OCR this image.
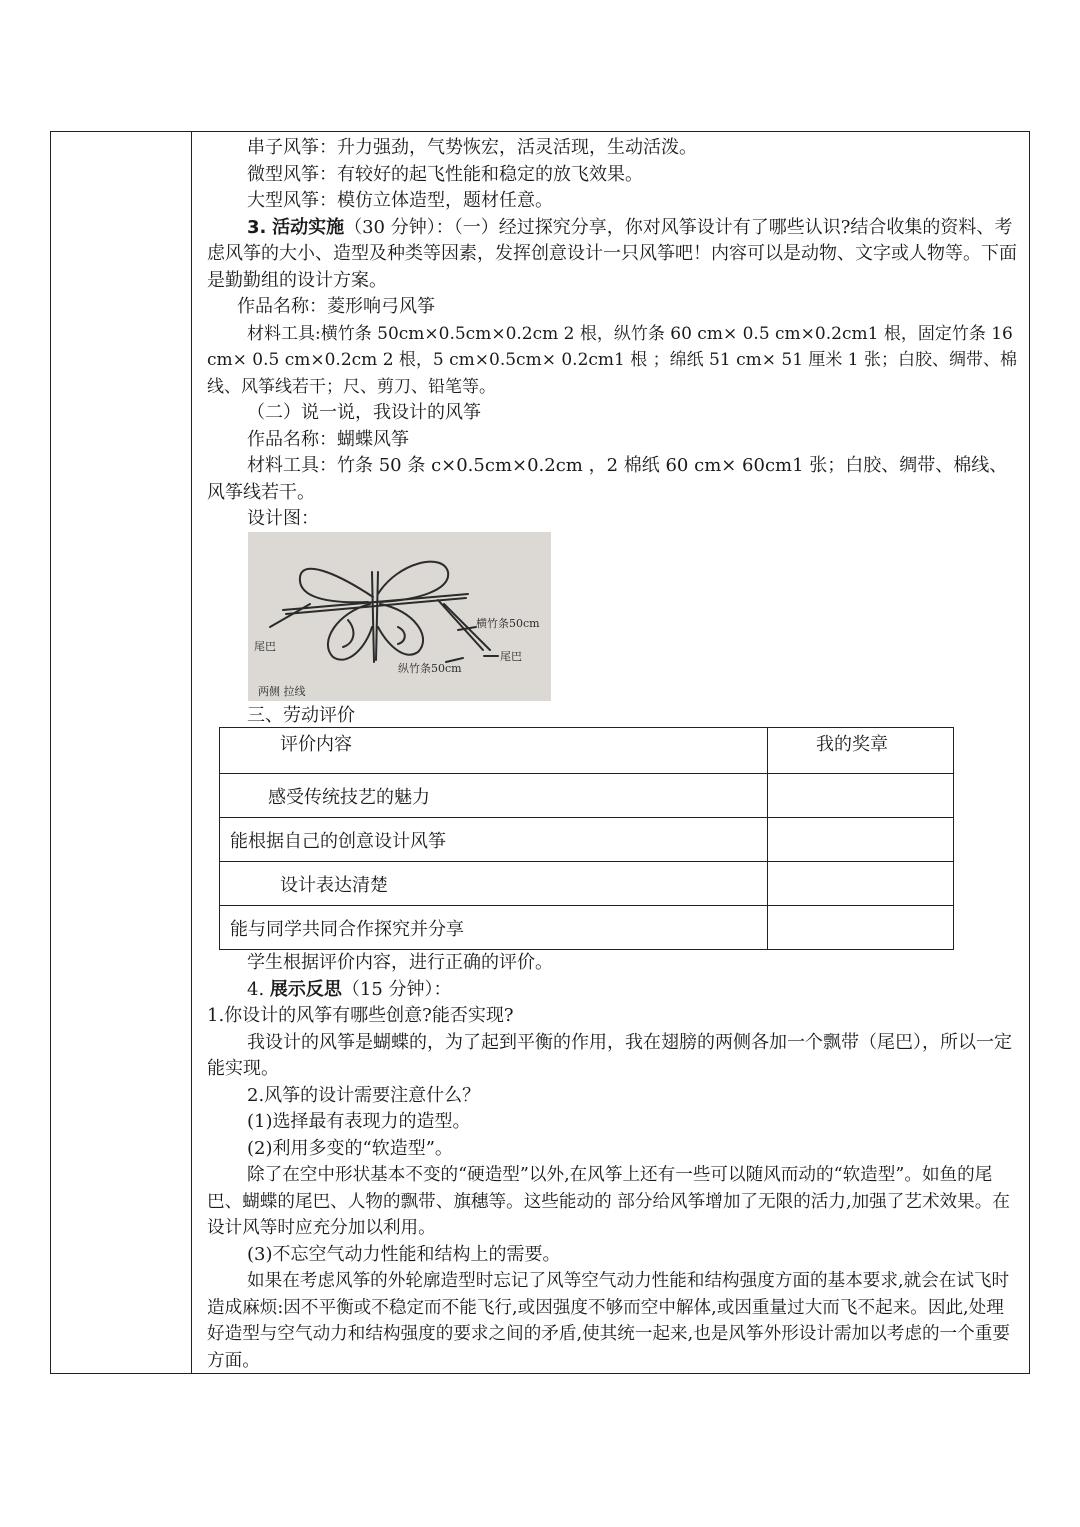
串子风筝：升力强劲，气势恢宏，活灵活现，生动活泼。

微型风筝：有较好的起飞性能和稳定的放飞效果。

大型风筝：模仿立体造型，题材任意。

3. 活动实施（30 分钟）：（一）经过探究分享，你对风筝设计有了哪些认识?结合收集的资料、考虑风筝的大小、造型及种类等因素，发挥创意设计一只风筝吧！内容可以是动物、文字或人物等。下面是勤勤组的设计方案。

作品名称：菱形响弓风筝

材料工具:横竹条 50cm×0.5cm×0.2cm 2 根，纵竹条 60 cm× 0.5 cm×0.2cm1 根，固定竹条 16 cm× 0.5 cm×0.2cm 2 根，5 cm×0.5cm× 0.2cm1 根 ；绵纸 51 cm× 51 厘米 1 张；白胶、绸带、棉线、风筝线若干；尺、剪刀、铅笔等。

（二）说一说，我设计的风筝

作品名称：蝴蝶风筝

材料工具：竹条 50 条 c×0.5cm×0.2cm ，2 棉纸 60 cm× 60cm1 张；白胶、绸带、棉线、风筝线若干。

设计图：

横竹条50cm
尾巴
尾巴
纵竹条50cm
两侧 拉线
三、劳动评价
评价内容	我的奖章
感受传统技艺的魅力	
能根据自己的创意设计风筝	
设计表达清楚	
能与同学共同合作探究并分享	

学生根据评价内容，进行正确的评价。

4. 展示反思（15 分钟）：

1.你设计的风筝有哪些创意?能否实现?

我设计的风筝是蝴蝶的，为了起到平衡的作用，我在翅膀的两侧各加一个飘带（尾巴），所以一定能实现。

2.风筝的设计需要注意什么？

(1)选择最有表现力的造型。

(2)利用多变的“软造型”。

除了在空中形状基本不变的“硬造型”以外,在风筝上还有一些可以随风而动的“软造型”。如鱼的尾巴、蝴蝶的尾巴、人物的飘带、旗穗等。这些能动的 部分给风筝增加了无限的活力,加强了艺术效果。在设计风等时应充分加以利用。

(3)不忘空气动力性能和结构上的需要。

如果在考虑风筝的外轮廓造型时忘记了风等空气动力性能和结构强度方面的基本要求,就会在试飞时造成麻烦:因不平衡或不稳定而不能飞行,或因强度不够而空中解体,或因重量过大而飞不起来。因此,处理好造型与空气动力和结构强度的要求之间的矛盾,使其统一起来,也是风筝外形设计需加以考虑的一个重要方面。
